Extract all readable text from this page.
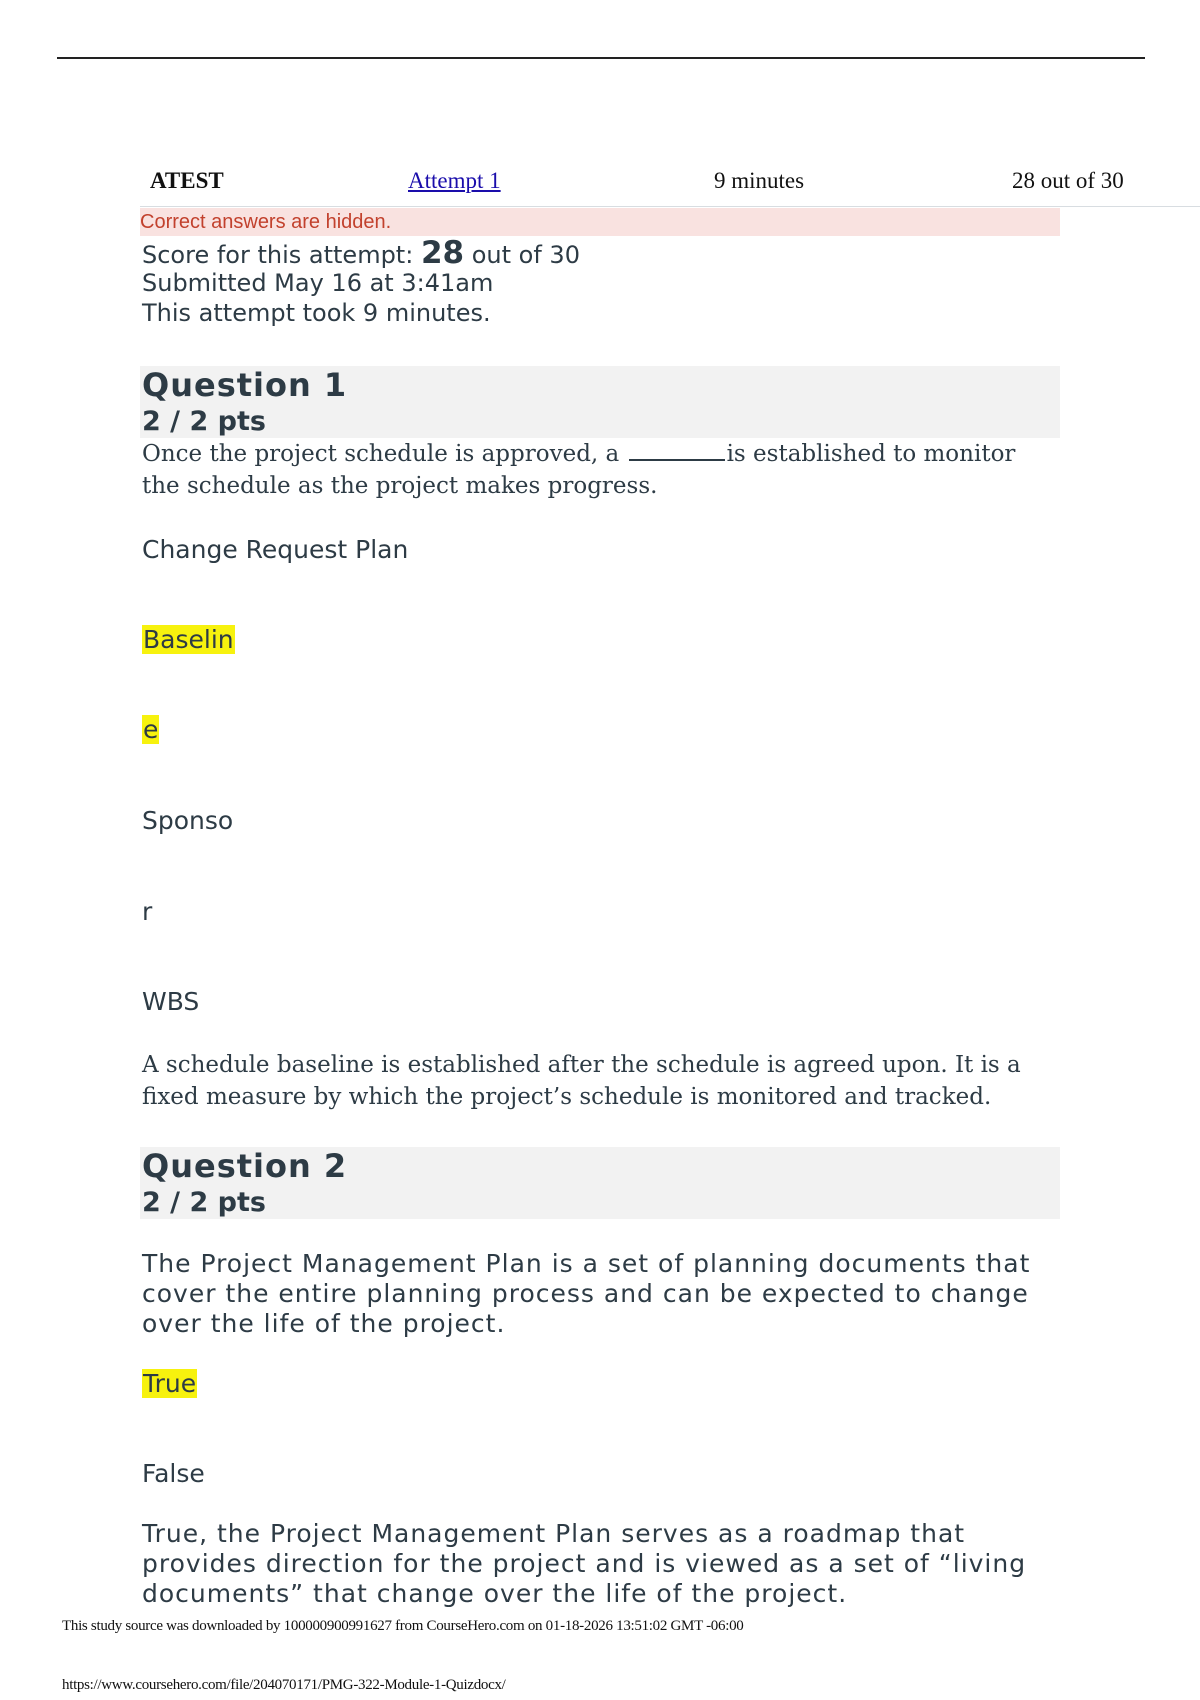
ATEST	Attempt 1	9 minutes	28 out of 30
Correct answers are hidden.
Score for this attempt: 28 out of 30
Submitted May 16 at 3:41am
This attempt took 9 minutes.
Question 1
2 / 2 pts
Once the project schedule is approved, a	is established to monitor the schedule as the project makes progress.
Change Request Plan
Baselin
e
Sponso
r
WBS
A schedule baseline is established after the schedule is agreed upon. It is a fixed measure by which the project’s schedule is monitored and tracked.
Question 2
2 / 2 pts
The Project Management Plan is a set of planning documents that cover the entire planning process and can be expected to change over the life of the project.
True
False
True, the Project Management Plan serves as a roadmap that provides direction for the project and is viewed as a set of “living documents” that change over the life of the project.
This study source was downloaded by 100000900991627 from CourseHero.com on 01-18-2026 13:51:02 GMT -06:00
https://www.coursehero.com/file/204070171/PMG-322-Module-1-Quizdocx/
